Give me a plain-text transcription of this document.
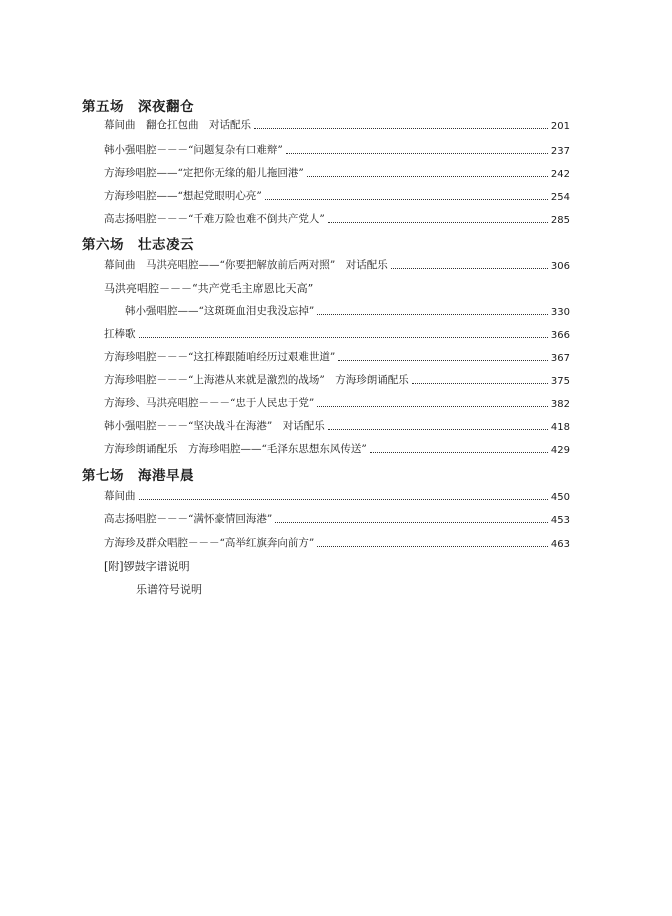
第五场　深夜翻仓
幕间曲　翻仓扛包曲　对话配乐	201
韩小强唱腔－－－“问题复杂有口难辩”	237
方海珍唱腔——“定把你无缘的船儿拖回港”	242
方海珍唱腔——“想起党眼明心亮”	254
高志扬唱腔－－－“千难万险也难不倒共产党人”	285
第六场　壮志凌云
幕间曲　马洪亮唱腔——“你要把解放前后两对照”　对话配乐	306
马洪亮唱腔－－－“共产党毛主席恩比天高”
韩小强唱腔——“这斑斑血泪史我没忘掉”	330
扛棒歌	366
方海珍唱腔－－－“这扛棒跟随咱经历过艰难世道”	367
方海珍唱腔－－－“上海港从来就是激烈的战场”　方海珍朗诵配乐	375
方海珍、马洪亮唱腔－－－“忠于人民忠于党”	382
韩小强唱腔－－－“坚决战斗在海港”　对话配乐	418
方海珍朗诵配乐　方海珍唱腔——“毛泽东思想东风传送”	429
第七场　海港早晨
幕间曲	450
高志扬唱腔－－－“满怀豪情回海港”	453
方海珍及群众唱腔－－－“高举红旗奔向前方”	463
[附]锣鼓字谱说明
乐谱符号说明
